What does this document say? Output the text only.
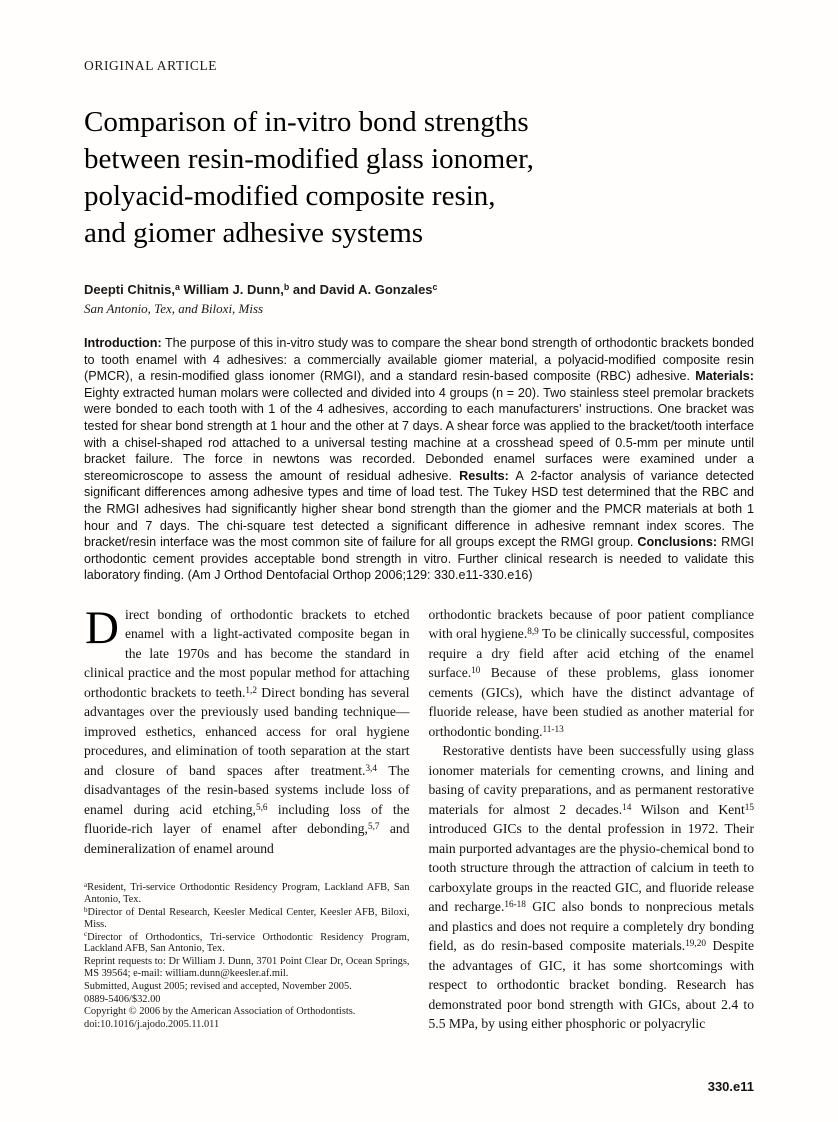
ORIGINAL ARTICLE
Comparison of in-vitro bond strengths
between resin-modified glass ionomer,
polyacid-modified composite resin,
and giomer adhesive systems
Deepti Chitnis,$^a$ William J. Dunn,$^b$ and David A. Gonzales$^c$
San Antonio, Tex, and Biloxi, Miss
Introduction: The purpose of this in-vitro study was to compare the shear bond strength of orthodontic brackets bonded to tooth enamel with 4 adhesives: a commercially available giomer material, a polyacid-modified composite resin (PMCR), a resin-modified glass ionomer (RMGI), and a standard resin-based composite (RBC) adhesive. Materials: Eighty extracted human molars were collected and divided into 4 groups (n = 20). Two stainless steel premolar brackets were bonded to each tooth with 1 of the 4 adhesives, according to each manufacturers' instructions. One bracket was tested for shear bond strength at 1 hour and the other at 7 days. A shear force was applied to the bracket/tooth interface with a chisel-shaped rod attached to a universal testing machine at a crosshead speed of 0.5-mm per minute until bracket failure. The force in newtons was recorded. Debonded enamel surfaces were examined under a stereomicroscope to assess the amount of residual adhesive. Results: A 2-factor analysis of variance detected significant differences among adhesive types and time of load test. The Tukey HSD test determined that the RBC and the RMGI adhesives had significantly higher shear bond strength than the giomer and the PMCR materials at both 1 hour and 7 days. The chi-square test detected a significant difference in adhesive remnant index scores. The bracket/resin interface was the most common site of failure for all groups except the RMGI group. Conclusions: RMGI orthodontic cement provides acceptable bond strength in vitro. Further clinical research is needed to validate this laboratory finding. (Am J Orthod Dentofacial Orthop 2006;129: 330.e11-330.e16)

Direct bonding of orthodontic brackets to etched enamel with a light-activated composite began in the late 1970s and has become the standard in clinical practice and the most popular method for attaching orthodontic brackets to teeth.$^{1,2}$ Direct bonding has several advantages over the previously used banding technique—improved esthetics, enhanced access for oral hygiene procedures, and elimination of tooth separation at the start and closure of band spaces after treatment.$^{3,4}$ The disadvantages of the resin-based systems include loss of enamel during acid etching,$^{5,6}$ including loss of the fluoride-rich layer of enamel after debonding,$^{5,7}$ and demineralization of enamel around

$^a$Resident, Tri-service Orthodontic Residency Program, Lackland AFB, San Antonio, Tex.

$^b$Director of Dental Research, Keesler Medical Center, Keesler AFB, Biloxi, Miss.

$^c$Director of Orthodontics, Tri-service Orthodontic Residency Program, Lackland AFB, San Antonio, Tex.

Reprint requests to: Dr William J. Dunn, 3701 Point Clear Dr, Ocean Springs, MS 39564; e-mail: william.dunn@keesler.af.mil.

Submitted, August 2005; revised and accepted, November 2005.

0889-5406/$32.00

Copyright © 2006 by the American Association of Orthodontists.

doi:10.1016/j.ajodo.2005.11.011

orthodontic brackets because of poor patient compliance with oral hygiene.$^{8,9}$ To be clinically successful, composites require a dry field after acid etching of the enamel surface.$^{10}$ Because of these problems, glass ionomer cements (GICs), which have the distinct advantage of fluoride release, have been studied as another material for orthodontic bonding.$^{11-13}$

Restorative dentists have been successfully using glass ionomer materials for cementing crowns, and lining and basing of cavity preparations, and as permanent restorative materials for almost 2 decades.$^{14}$ Wilson and Kent$^{15}$ introduced GICs to the dental profession in 1972. Their main purported advantages are the physio-chemical bond to tooth structure through the attraction of calcium in teeth to carboxylate groups in the reacted GIC, and fluoride release and recharge.$^{16-18}$ GIC also bonds to nonprecious metals and plastics and does not require a completely dry bonding field, as do resin-based composite materials.$^{19,20}$ Despite the advantages of GIC, it has some shortcomings with respect to orthodontic bracket bonding. Research has demonstrated poor bond strength with GICs, about 2.4 to 5.5 MPa, by using either phosphoric or polyacrylic

330.e11
